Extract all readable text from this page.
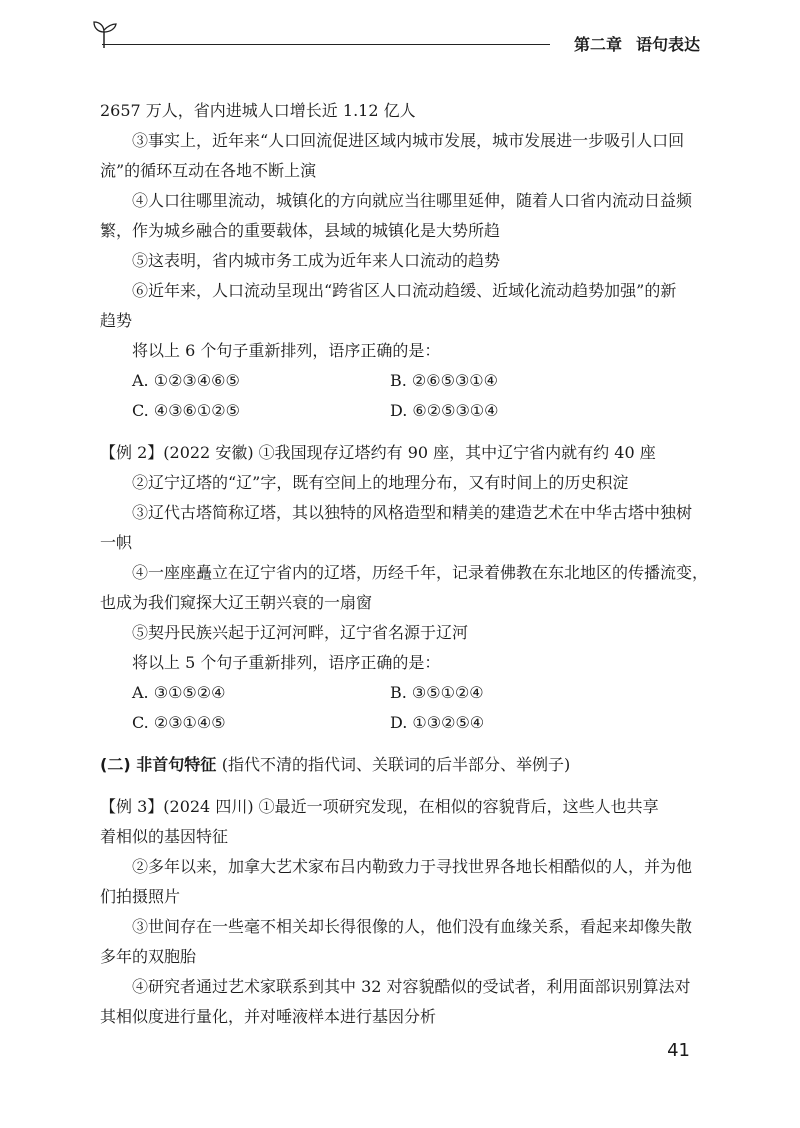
第二章 语句表达
2657 万人，省内进城人口增长近 1.12 亿人
③事实上，近年来“人口回流促进区域内城市发展，城市发展进一步吸引人口回
流”的循环互动在各地不断上演
④人口往哪里流动，城镇化的方向就应当往哪里延伸，随着人口省内流动日益频
繁，作为城乡融合的重要载体，县域的城镇化是大势所趋
⑤这表明，省内城市务工成为近年来人口流动的趋势
⑥近年来，人口流动呈现出“跨省区人口流动趋缓、近域化流动趋势加强”的新
趋势
将以上 6 个句子重新排列，语序正确的是：
A. ①②③④⑥⑤	B. ②⑥⑤③①④
C. ④③⑥①②⑤	D. ⑥②⑤③①④
【例 2】(2022 安徽) ①我国现存辽塔约有 90 座，其中辽宁省内就有约 40 座
②辽宁辽塔的“辽”字，既有空间上的地理分布，又有时间上的历史积淀
③辽代古塔简称辽塔，其以独特的风格造型和精美的建造艺术在中华古塔中独树
一帜
④一座座矗立在辽宁省内的辽塔，历经千年，记录着佛教在东北地区的传播流变，
也成为我们窥探大辽王朝兴衰的一扇窗
⑤契丹民族兴起于辽河河畔，辽宁省名源于辽河
将以上 5 个句子重新排列，语序正确的是：
A. ③①⑤②④	B. ③⑤①②④
C. ②③①④⑤	D. ①③②⑤④
(二) 非首句特征 (指代不清的指代词、关联词的后半部分、举例子)
【例 3】(2024 四川) ①最近一项研究发现，在相似的容貌背后，这些人也共享
着相似的基因特征
②多年以来，加拿大艺术家布吕内勒致力于寻找世界各地长相酷似的人，并为他
们拍摄照片
③世间存在一些毫不相关却长得很像的人，他们没有血缘关系，看起来却像失散
多年的双胞胎
④研究者通过艺术家联系到其中 32 对容貌酷似的受试者，利用面部识别算法对
其相似度进行量化，并对唾液样本进行基因分析
41
